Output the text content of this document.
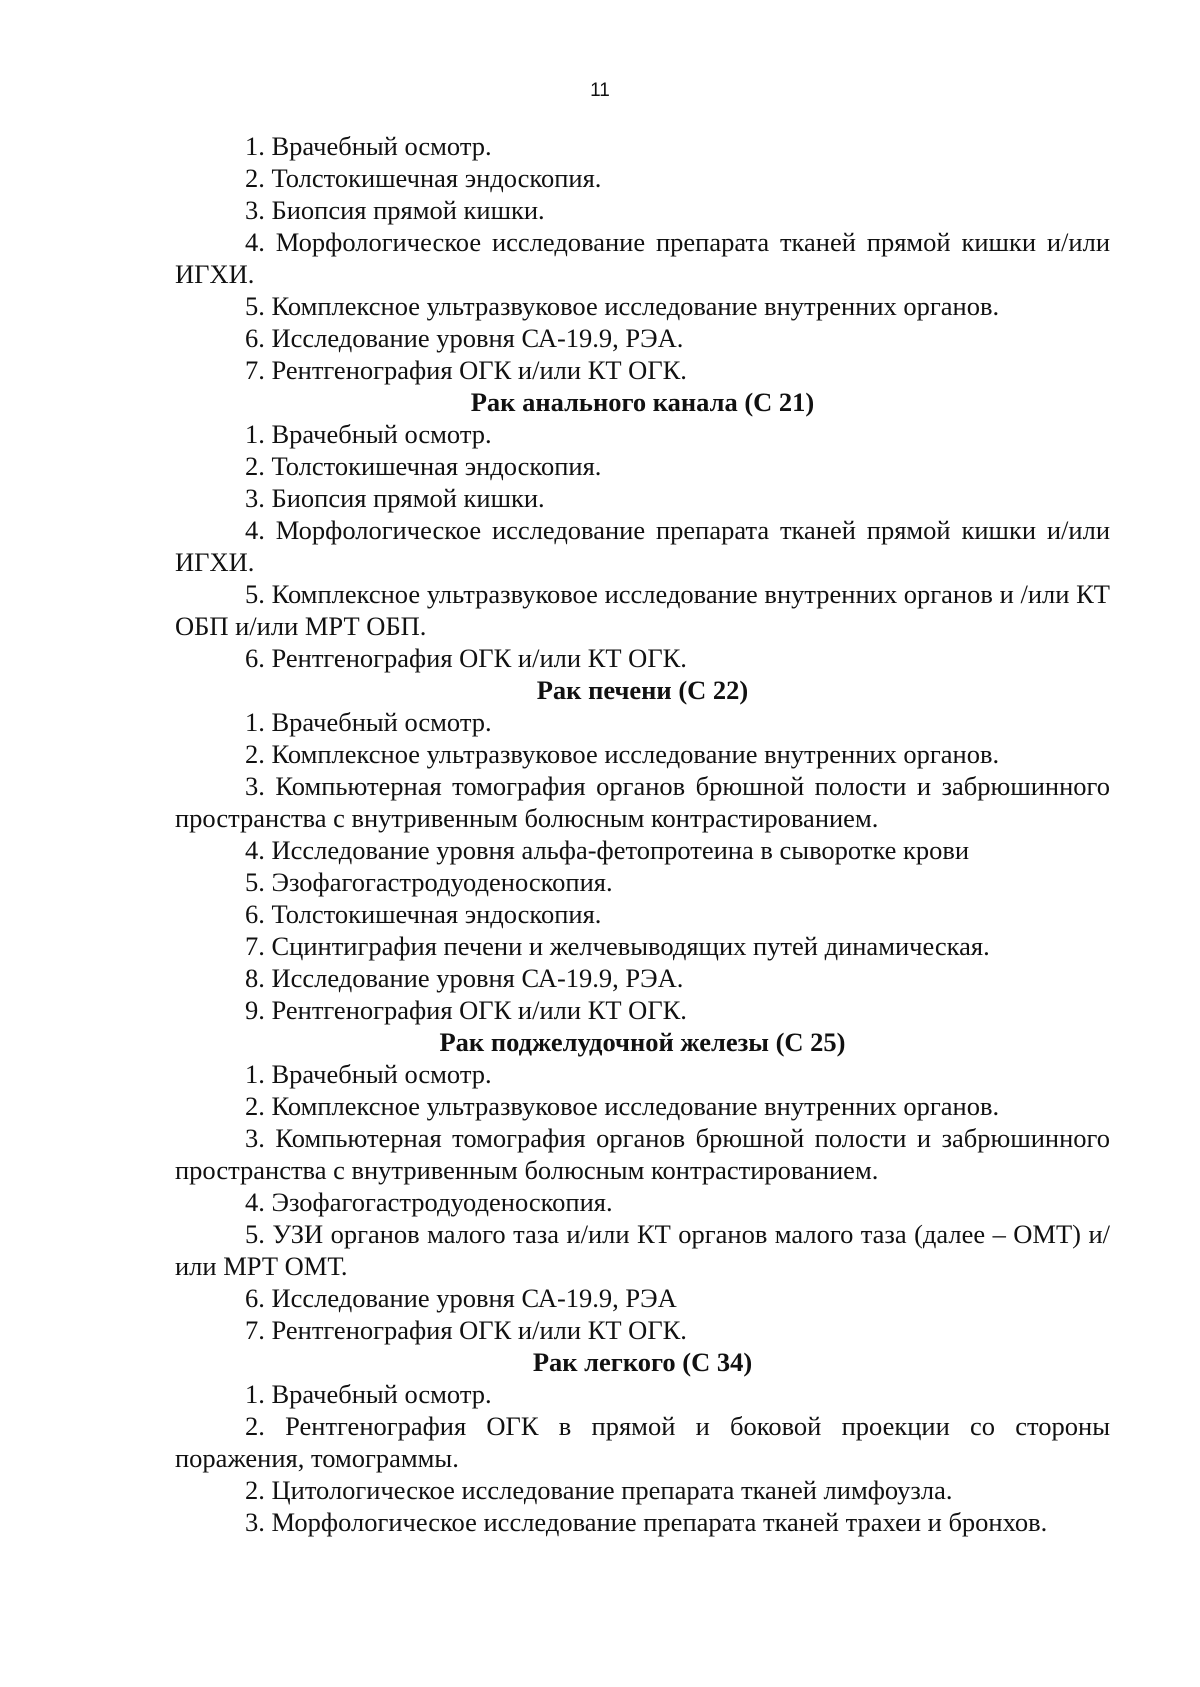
11

1. Врачебный осмотр.

2. Толстокишечная эндоскопия.

3. Биопсия прямой кишки.

4. Морфологическое исследование препарата тканей прямой кишки и/или ИГХИ.

5. Комплексное ультразвуковое исследование внутренних органов.

6. Исследование уровня СА-19.9, РЭА.

7. Рентгенография ОГК и/или КТ ОГК.

Рак анального канала (С 21)

1. Врачебный осмотр.

2. Толстокишечная эндоскопия.

3. Биопсия прямой кишки.

4. Морфологическое исследование препарата тканей прямой кишки и/или ИГХИ.

5. Комплексное ультразвуковое исследование внутренних органов и /или КТ ОБП и/или МРТ ОБП.

6. Рентгенография ОГК и/или КТ ОГК.

Рак печени (С 22)

1. Врачебный осмотр.

2. Комплексное ультразвуковое исследование внутренних органов.

3. Компьютерная томография органов брюшной полости и забрюшинного пространства с внутривенным болюсным контрастированием.

4. Исследование уровня альфа-фетопротеина в сыворотке крови

5. Эзофагогастродуоденоскопия.

6. Толстокишечная эндоскопия.

7. Сцинтиграфия печени и желчевыводящих путей динамическая.

8. Исследование уровня СА-19.9, РЭА.

9. Рентгенография ОГК и/или КТ ОГК.

Рак поджелудочной железы (С 25)

1. Врачебный осмотр.

2. Комплексное ультразвуковое исследование внутренних органов.

3. Компьютерная томография органов брюшной полости и забрюшинного пространства с внутривенным болюсным контрастированием.

4. Эзофагогастродуоденоскопия.

5. УЗИ органов малого таза и/или КТ органов малого таза (далее – ОМТ) и/или МРТ ОМТ.

6. Исследование уровня СА-19.9, РЭА

7. Рентгенография ОГК и/или КТ ОГК.

Рак легкого (С 34)

1. Врачебный осмотр.

2. Рентгенография ОГК в прямой и боковой проекции со стороны поражения, томограммы.

2. Цитологическое исследование препарата тканей лимфоузла.

3. Морфологическое исследование препарата тканей трахеи и бронхов.
